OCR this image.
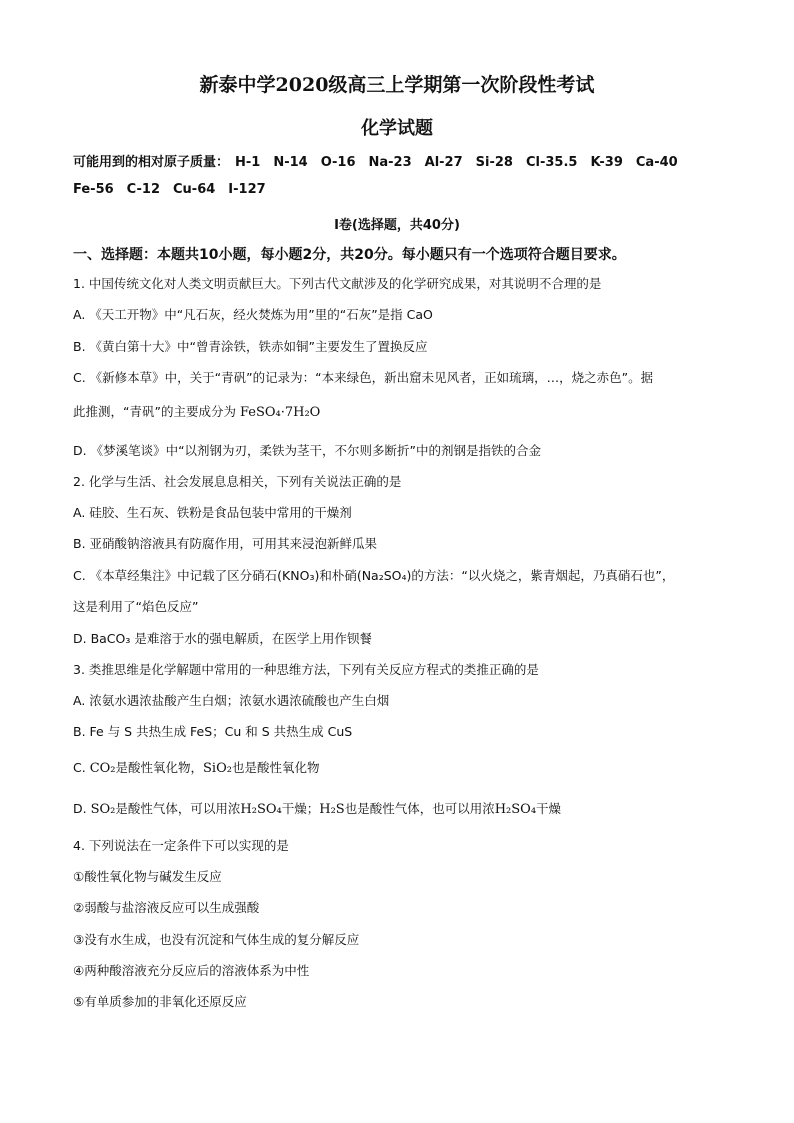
新泰中学2020级高三上学期第一次阶段性考试
化学试题
可能用到的相对原子质量： H-1 N-14 O-16 Na-23 Al-27 Si-28 Cl-35.5 K-39 Ca-40
Fe-56 C-12 Cu-64 I-127
I卷(选择题，共40分)
一、选择题：本题共10小题，每小题2分，共20分。每小题只有一个选项符合题目要求。
1. 中国传统文化对人类文明贡献巨大。下列古代文献涉及的化学研究成果，对其说明不合理的是
A. 《天工开物》中“凡石灰，经火焚炼为用”里的“石灰”是指 CaO
B. 《黄白第十大》中“曾青涂铁，铁赤如铜”主要发生了置换反应
C. 《新修本草》中，关于“青矾”的记录为：“本来绿色，新出窟未见风者，正如琉璃，…，烧之赤色”。据
此推测，“青矾”的主要成分为 FeSO₄·7H₂O
D. 《梦溪笔谈》中“以剂钢为刃，柔铁为茎干，不尔则多断折”中的剂钢是指铁的合金
2. 化学与生活、社会发展息息相关，下列有关说法正确的是
A. 硅胶、生石灰、铁粉是食品包装中常用的干燥剂
B. 亚硝酸钠溶液具有防腐作用，可用其来浸泡新鲜瓜果
C. 《本草经集注》中记载了区分硝石(KNO₃)和朴硝(Na₂SO₄)的方法：“以火烧之，紫青烟起，乃真硝石也”，
这是利用了“焰色反应”
D. BaCO₃ 是难溶于水的强电解质，在医学上用作钡餐
3. 类推思维是化学解题中常用的一种思维方法，下列有关反应方程式的类推正确的是
A. 浓氨水遇浓盐酸产生白烟；浓氨水遇浓硫酸也产生白烟
B. Fe 与 S 共热生成 FeS；Cu 和 S 共热生成 CuS
C. CO₂是酸性氧化物，SiO₂也是酸性氧化物
D. SO₂是酸性气体，可以用浓H₂SO₄干燥；H₂S也是酸性气体，也可以用浓H₂SO₄干燥
4. 下列说法在一定条件下可以实现的是
①酸性氧化物与碱发生反应
②弱酸与盐溶液反应可以生成强酸
③没有水生成，也没有沉淀和气体生成的复分解反应
④两种酸溶液充分反应后的溶液体系为中性
⑤有单质参加的非氧化还原反应
